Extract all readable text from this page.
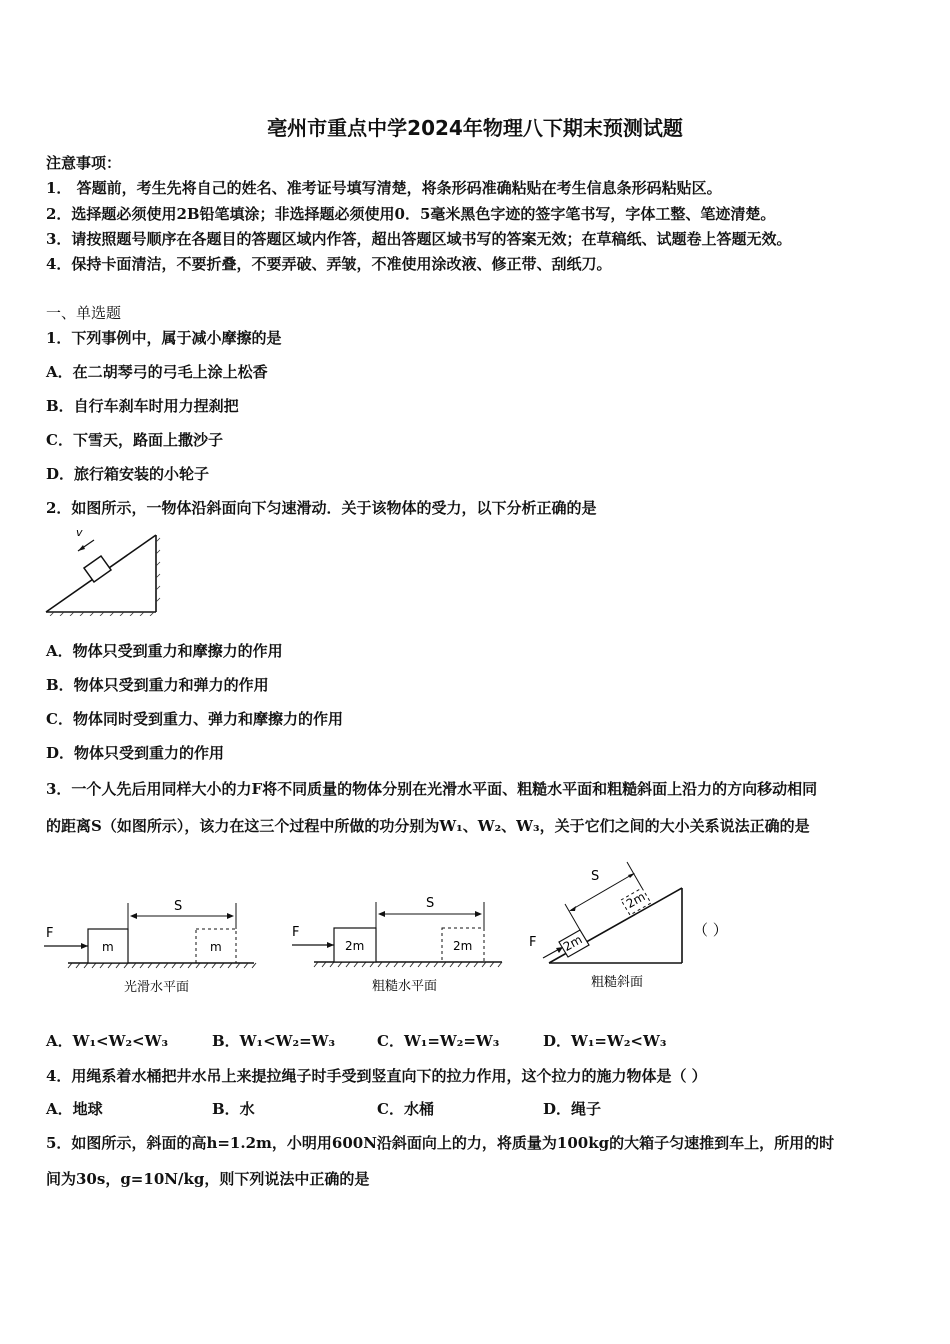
亳州市重点中学2024年物理八下期末预测试题
注意事项：
1． 答题前，考生先将自己的姓名、准考证号填写清楚，将条形码准确粘贴在考生信息条形码粘贴区。
2．选择题必须使用2B铅笔填涂；非选择题必须使用0．5毫米黑色字迹的签字笔书写，字体工整、笔迹清楚。
3．请按照题号顺序在各题目的答题区域内作答，超出答题区域书写的答案无效；在草稿纸、试题卷上答题无效。
4．保持卡面清洁，不要折叠，不要弄破、弄皱，不准使用涂改液、修正带、刮纸刀。
一、单选题
1．下列事例中，属于减小摩擦的是
A．在二胡琴弓的弓毛上涂上松香
B．自行车刹车时用力捏刹把
C．下雪天，路面上撒沙子
D．旅行箱安装的小轮子
2．如图所示，一物体沿斜面向下匀速滑动．关于该物体的受力，以下分析正确的是
v
A．物体只受到重力和摩擦力的作用
B．物体只受到重力和弹力的作用
C．物体同时受到重力、弹力和摩擦力的作用
D．物体只受到重力的作用
3．一个人先后用同样大小的力F将不同质量的物体分别在光滑水平面、粗糙水平面和粗糙斜面上沿力的方向移动相同
的距离S（如图所示），该力在这三个过程中所做的功分别为W₁、W₂、W₃，关于它们之间的大小关系说法正确的是
F
S
m	m
光滑水平面
F
S
2m	2m
粗糙水平面
F
S
2m
2m
粗糙斜面
（ ）
A．W₁<W₂<W₃	B．W₁<W₂=W₃	C．W₁=W₂=W₃	D．W₁=W₂<W₃
4．用绳系着水桶把井水吊上来提拉绳子时手受到竖直向下的拉力作用，这个拉力的施力物体是（ ）
A．地球	B．水	C．水桶	D．绳子
5．如图所示，斜面的高h=1.2m，小明用600N沿斜面向上的力，将质量为100kg的大箱子匀速推到车上，所用的时
间为30s，g=10N/kg，则下列说法中正确的是
